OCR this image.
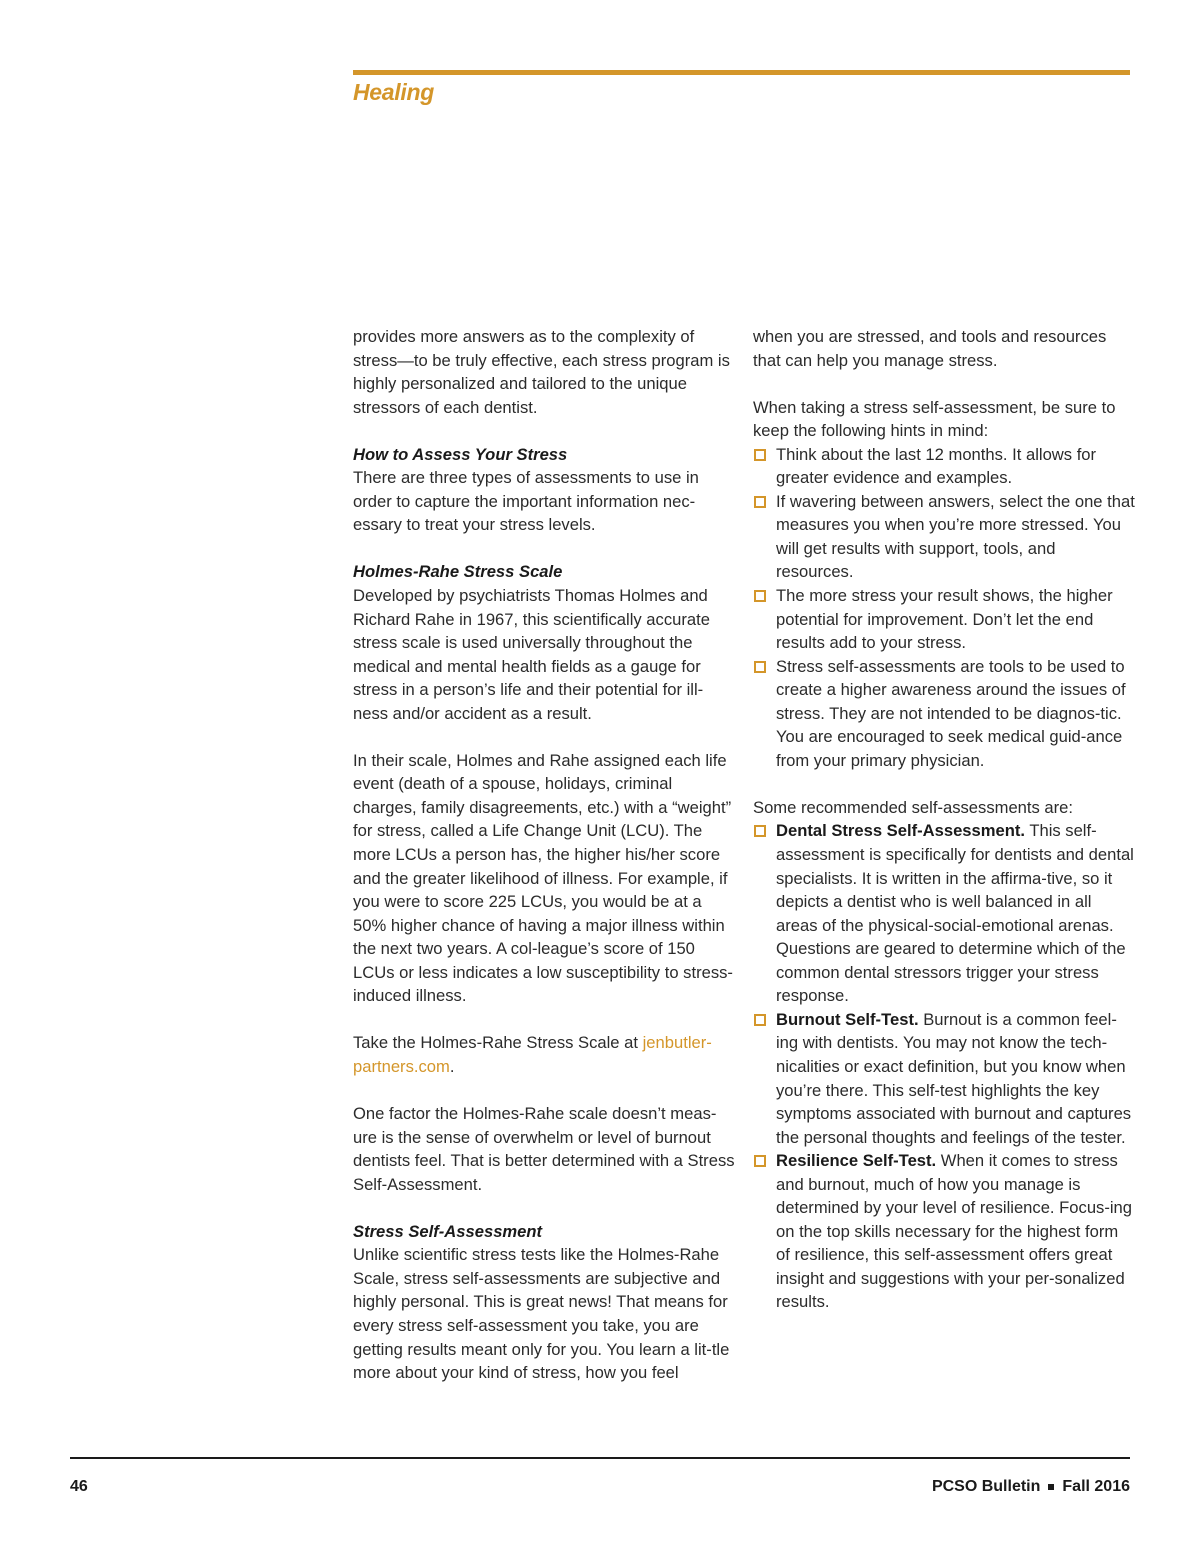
Healing

provides more answers as to the complexity of stress—to be truly effective, each stress program is highly personalized and tailored to the unique stressors of each dentist.

How to Assess Your Stress

There are three types of assessments to use in order to capture the important information nec-essary to treat your stress levels.

Holmes-Rahe Stress Scale

Developed by psychiatrists Thomas Holmes and Richard Rahe in 1967, this scientifically accurate stress scale is used universally throughout the medical and mental health fields as a gauge for stress in a person’s life and their potential for ill-ness and/or accident as a result.

In their scale, Holmes and Rahe assigned each life event (death of a spouse, holidays, criminal charges, family disagreements, etc.) with a “weight” for stress, called a Life Change Unit (LCU). The more LCUs a person has, the higher his/her score and the greater likelihood of illness. For example, if you were to score 225 LCUs, you would be at a 50% higher chance of having a major illness within the next two years. A col-league’s score of 150 LCUs or less indicates a low susceptibility to stress-induced illness.

Take the Holmes-Rahe Stress Scale at jenbutler-partners.com.

One factor the Holmes-Rahe scale doesn’t meas-ure is the sense of overwhelm or level of burnout dentists feel. That is better determined with a Stress Self-Assessment.

Stress Self-Assessment

Unlike scientific stress tests like the Holmes-Rahe Scale, stress self-assessments are subjective and highly personal. This is great news! That means for every stress self-assessment you take, you are getting results meant only for you. You learn a lit-tle more about your kind of stress, how you feel

when you are stressed, and tools and resources that can help you manage stress.

When taking a stress self-assessment, be sure to keep the following hints in mind:

Think about the last 12 months. It allows for greater evidence and examples.
If wavering between answers, select the one that measures you when you’re more stressed. You will get results with support, tools, and resources.
The more stress your result shows, the higher potential for improvement. Don’t let the end results add to your stress.
Stress self-assessments are tools to be used to create a higher awareness around the issues of stress. They are not intended to be diagnos-tic. You are encouraged to seek medical guid-ance from your primary physician.

Some recommended self-assessments are:

Dental Stress Self-Assessment. This self-assessment is specifically for dentists and dental specialists. It is written in the affirma-tive, so it depicts a dentist who is well balanced in all areas of the physical-social-emotional arenas. Questions are geared to determine which of the common dental stressors trigger your stress response.
Burnout Self-Test. Burnout is a common feel-ing with dentists. You may not know the tech-nicalities or exact definition, but you know when you’re there. This self-test highlights the key symptoms associated with burnout and captures the personal thoughts and feelings of the tester.
Resilience Self-Test. When it comes to stress and burnout, much of how you manage is determined by your level of resilience. Focus-ing on the top skills necessary for the highest form of resilience, this self-assessment offers great insight and suggestions with your per-sonalized results.
46	PCSO Bulletin Fall 2016
